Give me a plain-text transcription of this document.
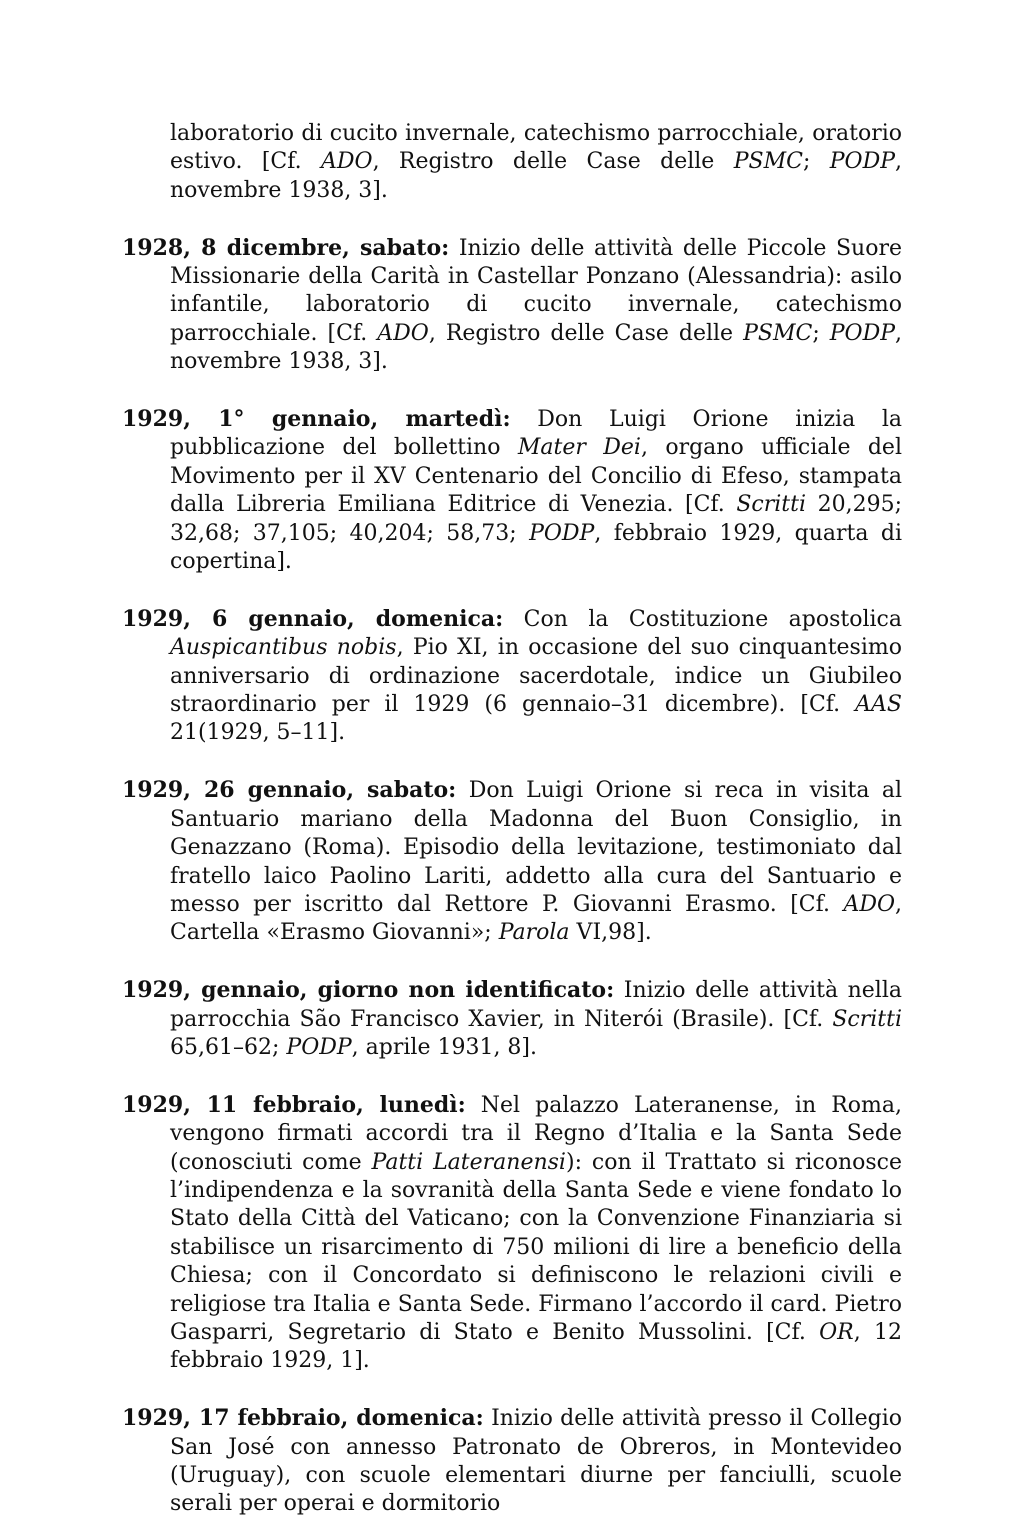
laboratorio di cucito invernale, catechismo parrocchiale, oratorio estivo. [Cf. ADO, Registro delle Case delle PSMC; PODP, novembre 1938, 3].

1928, 8 dicembre, sabato: Inizio delle attività delle Piccole Suore Missionarie della Carità in Castellar Ponzano (Alessandria): asilo infantile, laboratorio di cucito invernale, catechismo parrocchiale. [Cf. ADO, Registro delle Case delle PSMC; PODP, novembre 1938, 3].

1929, 1° gennaio, martedì: Don Luigi Orione inizia la pubblicazione del bollettino Mater Dei, organo ufficiale del Movimento per il XV Centenario del Concilio di Efeso, stampata dalla Libreria Emiliana Editrice di Venezia. [Cf. Scritti 20,295; 32,68; 37,105; 40,204; 58,73; PODP, febbraio 1929, quarta di copertina].

1929, 6 gennaio, domenica: Con la Costituzione apostolica Auspicantibus nobis, Pio XI, in occasione del suo cinquantesimo anniversario di ordinazione sacerdotale, indice un Giubileo straordinario per il 1929 (6 gennaio–31 dicembre). [Cf. AAS 21(1929, 5–11].

1929, 26 gennaio, sabato: Don Luigi Orione si reca in visita al Santuario mariano della Madonna del Buon Consiglio, in Genazzano (Roma). Episodio della levitazione, testimoniato dal fratello laico Paolino Lariti, addetto alla cura del Santuario e messo per iscritto dal Rettore P. Giovanni Erasmo. [Cf. ADO, Cartella «Erasmo Giovanni»; Parola VI,98].

1929, gennaio, giorno non identificato: Inizio delle attività nella parrocchia São Francisco Xavier, in Niterói (Brasile). [Cf. Scritti 65,61–62; PODP, aprile 1931, 8].

1929, 11 febbraio, lunedì: Nel palazzo Lateranense, in Roma, vengono firmati accordi tra il Regno d’Italia e la Santa Sede (conosciuti come Patti Lateranensi): con il Trattato si riconosce l’indipendenza e la sovranità della Santa Sede e viene fondato lo Stato della Città del Vaticano; con la Convenzione Finanziaria si stabilisce un risarcimento di 750 milioni di lire a beneficio della Chiesa; con il Concordato si definiscono le relazioni civili e religiose tra Italia e Santa Sede. Firmano l’accordo il card. Pietro Gasparri, Segretario di Stato e Benito Mussolini. [Cf. OR, 12 febbraio 1929, 1].

1929, 17 febbraio, domenica: Inizio delle attività presso il Collegio San José con annesso Patronato de Obreros, in Montevideo (Uruguay), con scuole elementari diurne per fanciulli, scuole serali per operai e dormitorio
